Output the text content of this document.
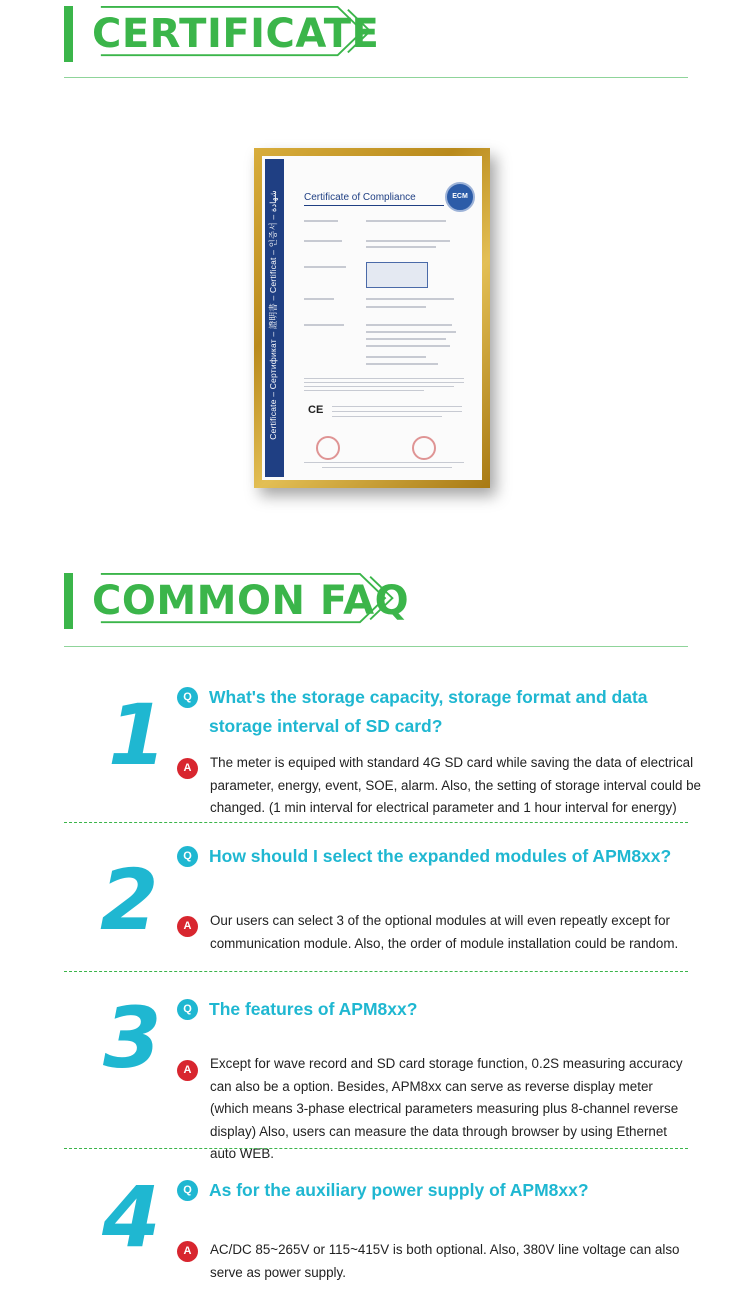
CERTIFICATE
Certificate – Сертификат – 證明書 – Certificat – 인증서 – شهادة	Certificate of Compliance	ECM
CE
COMMON FAQ
1	Q What's the storage capacity, storage format and data storage interval of SD card?
A	The meter is equiped with standard 4G SD card while saving the data of electrical parameter, energy, event, SOE, alarm. Also, the setting of storage interval could be changed. (1 min interval for electrical parameter and 1 hour interval for energy)
2	Q How should I select the expanded modules of APM8xx?
A	Our users can select 3 of the optional modules at will even repeatly except for communication module. Also, the order of module installation could be random.
3	Q The features of APM8xx?
A	Except for wave record and SD card storage function, 0.2S measuring accuracy can also be a option. Besides, APM8xx can serve as reverse display meter (which means 3-phase electrical parameters measuring plus 8-channel reverse display) Also, users can measure the data through browser by using Ethernet auto WEB.
4	Q As for the auxiliary power supply of APM8xx?
A	AC/DC 85~265V or 115~415V is both optional. Also, 380V line voltage can also serve as power supply.
